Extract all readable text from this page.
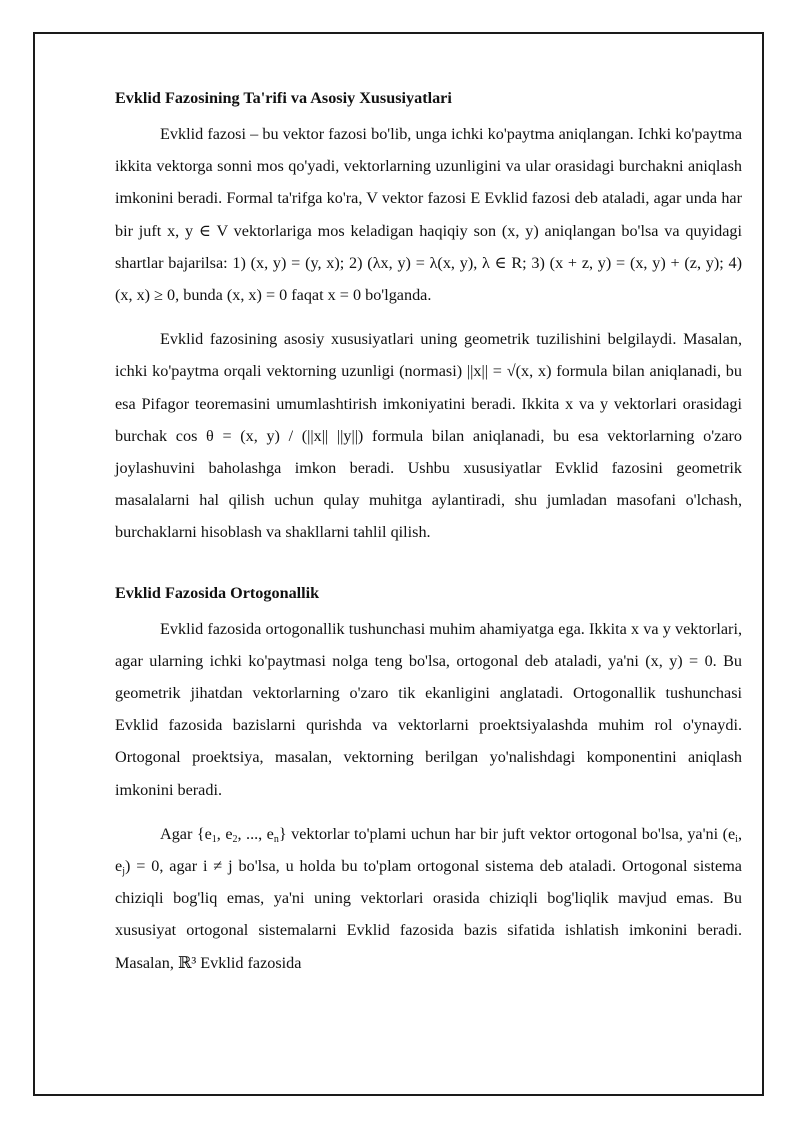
Evklid Fazosining Ta'rifi va Asosiy Xususiyatlari

Evklid fazosi – bu vektor fazosi bo'lib, unga ichki ko'paytma aniqlangan. Ichki ko'paytma ikkita vektorga sonni mos qo'yadi, vektorlarning uzunligini va ular orasidagi burchakni aniqlash imkonini beradi. Formal ta'rifga ko'ra, V vektor fazosi E Evklid fazosi deb ataladi, agar unda har bir juft x, y ∈ V vektorlariga mos keladigan haqiqiy son (x, y) aniqlangan bo'lsa va quyidagi shartlar bajarilsa: 1) (x, y) = (y, x); 2) (λx, y) = λ(x, y), λ ∈ R; 3) (x + z, y) = (x, y) + (z, y); 4) (x, x) ≥ 0, bunda (x, x) = 0 faqat x = 0 bo'lganda.

Evklid fazosining asosiy xususiyatlari uning geometrik tuzilishini belgilaydi. Masalan, ichki ko'paytma orqali vektorning uzunligi (normasi) ||x|| = √(x, x) formula bilan aniqlanadi, bu esa Pifagor teoremasini umumlashtirish imkoniyatini beradi. Ikkita x va y vektorlari orasidagi burchak cos θ = (x, y) / (||x|| ||y||) formula bilan aniqlanadi, bu esa vektorlarning o'zaro joylashuvini baholashga imkon beradi. Ushbu xususiyatlar Evklid fazosini geometrik masalalarni hal qilish uchun qulay muhitga aylantiradi, shu jumladan masofani o'lchash, burchaklarni hisoblash va shakllarni tahlil qilish.

Evklid Fazosida Ortogonallik

Evklid fazosida ortogonallik tushunchasi muhim ahamiyatga ega. Ikkita x va y vektorlari, agar ularning ichki ko'paytmasi nolga teng bo'lsa, ortogonal deb ataladi, ya'ni (x, y) = 0. Bu geometrik jihatdan vektorlarning o'zaro tik ekanligini anglatadi. Ortogonallik tushunchasi Evklid fazosida bazislarni qurishda va vektorlarni proektsiyalashda muhim rol o'ynaydi. Ortogonal proektsiya, masalan, vektorning berilgan yo'nalishdagi komponentini aniqlash imkonini beradi.

Agar {$e_1$, $e_2$, ..., $e_n$} vektorlar to'plami uchun har bir juft vektor ortogonal bo'lsa, ya'ni ($e_i$, $e_j) = 0$, agar i ≠ j bo'lsa, u holda bu to'plam ortogonal sistema deb ataladi. Ortogonal sistema chiziqli bog'liq emas, ya'ni uning vektorlari orasida chiziqli bog'liqlik mavjud emas. Bu xususiyat ortogonal sistemalarni Evklid fazosida bazis sifatida ishlatish imkonini beradi. Masalan, ℝ³ Evklid fazosida
